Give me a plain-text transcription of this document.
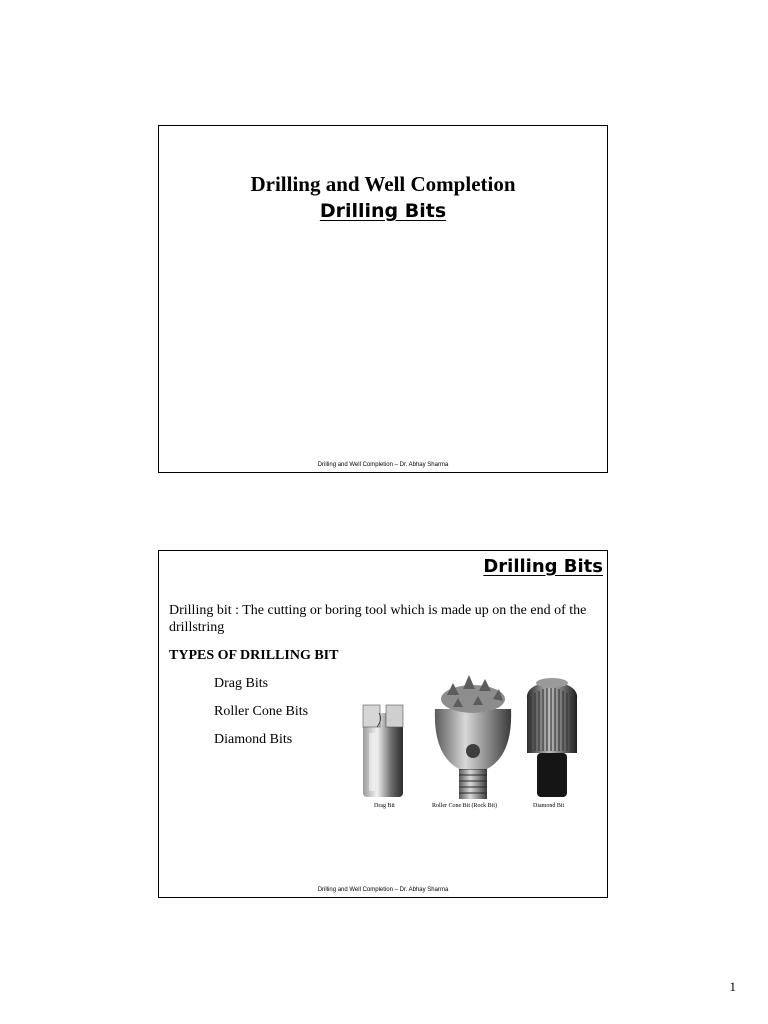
Drilling and Well Completion
Drilling Bits
Drilling and Well Completion – Dr. Abhay Sharma
Drilling Bits

Drilling bit : The cutting or boring tool which is made up on the end of the drillstring

TYPES OF DRILLING BIT

Drag Bits
Roller Cone Bits
Diamond Bits
Drag Bit	Roller Cone Bit (Rock Bit)	Diamond Bit
Drilling and Well Completion – Dr. Abhay Sharma
1
